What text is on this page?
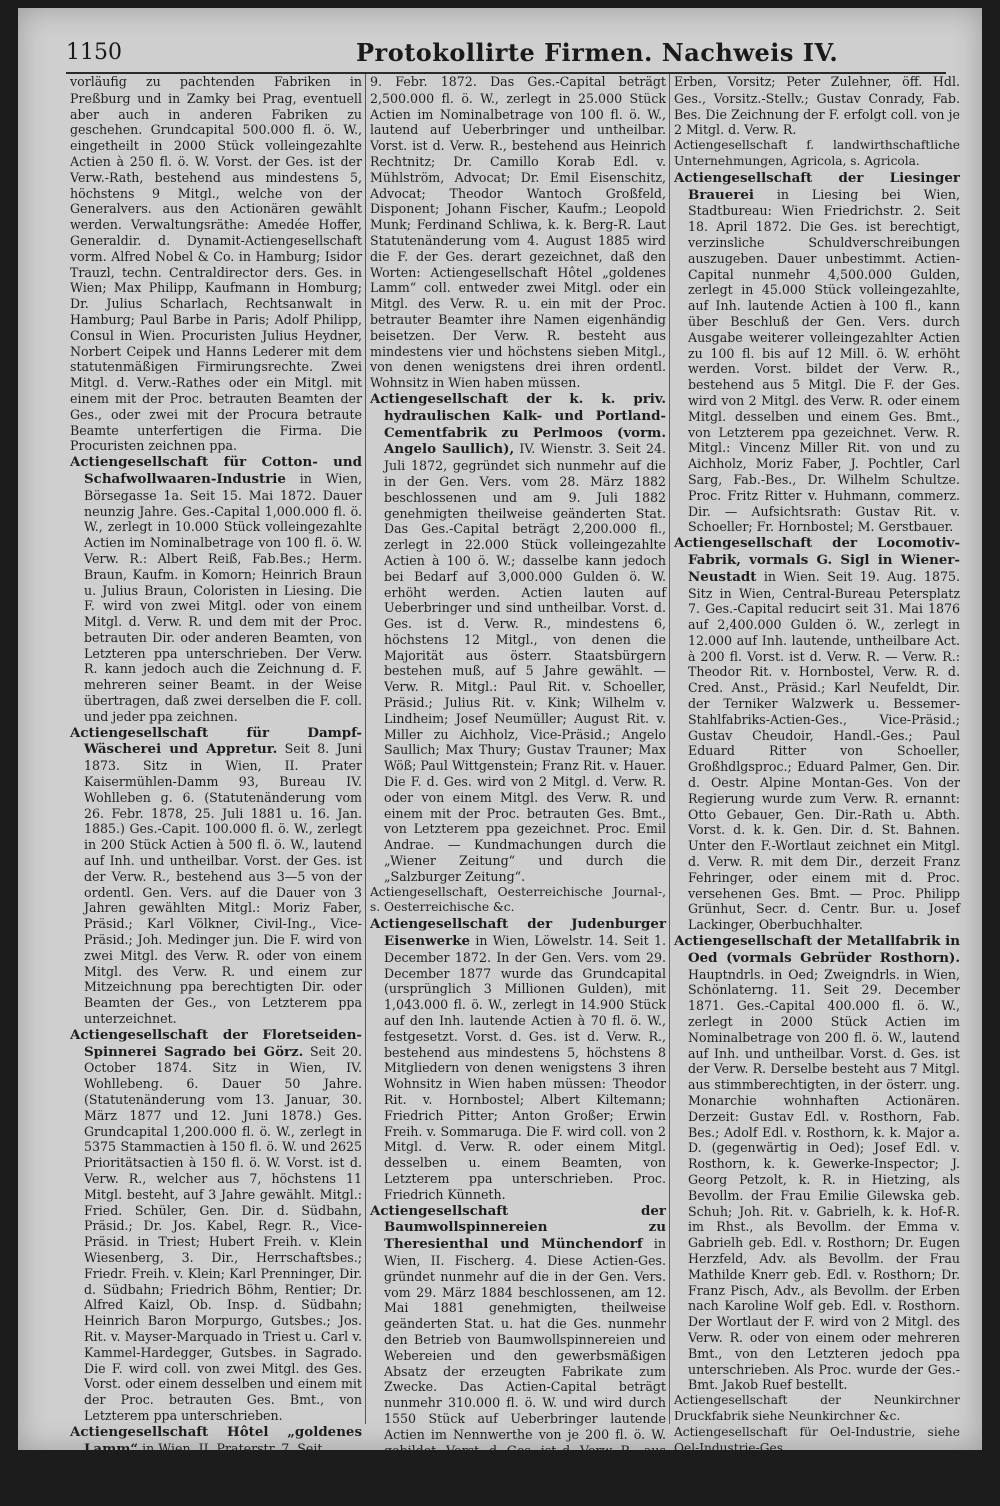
1150	Protokollirte Firmen. Nachweis IV.

vorläufig zu pachtenden Fabriken in Preßburg und in Zamky bei Prag, eventuell aber auch in anderen Fabriken zu geschehen. Grundcapital 500.000 fl. ö. W., eingetheilt in 2000 Stück volleingezahlte Actien à 250 fl. ö. W. Vorst. der Ges. ist der Verw.-Rath, bestehend aus mindestens 5, höchstens 9 Mitgl., welche von der Generalvers. aus den Actionären gewählt werden. Verwaltungsräthe: Amedée Hoffer, Generaldir. d. Dynamit-Actiengesellschaft vorm. Alfred Nobel & Co. in Hamburg; Isidor Trauzl, techn. Centraldirector ders. Ges. in Wien; Max Philipp, Kaufmann in Homburg; Dr. Julius Scharlach, Rechtsanwalt in Hamburg; Paul Barbe in Paris; Adolf Philipp, Consul in Wien. Procuristen Julius Heydner, Norbert Ceipek und Hanns Lederer mit dem statutenmäßigen Firmirungsrechte. Zwei Mitgl. d. Verw.-Rathes oder ein Mitgl. mit einem mit der Proc. betrauten Beamten der Ges., oder zwei mit der Procura betraute Beamte unterfertigen die Firma. Die Procuristen zeichnen ppa.

Actiengesellschaft für Cotton- und Schafwollwaaren-Industrie in Wien, Börsegasse 1a. Seit 15. Mai 1872. Dauer neunzig Jahre. Ges.-Capital 1,000.000 fl. ö. W., zerlegt in 10.000 Stück volleingezahlte Actien im Nominalbetrage von 100 fl. ö. W. Verw. R.: Albert Reiß, Fab.Bes.; Herm. Braun, Kaufm. in Komorn; Heinrich Braun u. Julius Braun, Coloristen in Liesing. Die F. wird von zwei Mitgl. oder von einem Mitgl. d. Verw. R. und dem mit der Proc. betrauten Dir. oder anderen Beamten, von Letzteren ppa unterschrieben. Der Verw. R. kann jedoch auch die Zeichnung d. F. mehreren seiner Beamt. in der Weise übertragen, daß zwei derselben die F. coll. und jeder ppa zeichnen.

Actiengesellschaft für Dampf-Wäscherei und Appretur. Seit 8. Juni 1873. Sitz in Wien, II. Prater Kaisermühlen-Damm 93, Bureau IV. Wohlleben g. 6. (Statutenänderung vom 26. Febr. 1878, 25. Juli 1881 u. 16. Jan. 1885.) Ges.-Capit. 100.000 fl. ö. W., zerlegt in 200 Stück Actien à 500 fl. ö. W., lautend auf Inh. und untheilbar. Vorst. der Ges. ist der Verw. R., bestehend aus 3—5 von der ordentl. Gen. Vers. auf die Dauer von 3 Jahren gewählten Mitgl.: Moriz Faber, Präsid.; Karl Völkner, Civil-Ing., Vice-Präsid.; Joh. Medinger jun. Die F. wird von zwei Mitgl. des Verw. R. oder von einem Mitgl. des Verw. R. und einem zur Mitzeichnung ppa berechtigten Dir. oder Beamten der Ges., von Letzterem ppa unterzeichnet.

Actiengesellschaft der Floretseiden-Spinnerei Sagrado bei Görz. Seit 20. October 1874. Sitz in Wien, IV. Wohllebeng. 6. Dauer 50 Jahre. (Statutenänderung vom 13. Januar, 30. März 1877 und 12. Juni 1878.) Ges. Grundcapital 1,200.000 fl. ö. W., zerlegt in 5375 Stammactien à 150 fl. ö. W. und 2625 Prioritätsactien à 150 fl. ö. W. Vorst. ist d. Verw. R., welcher aus 7, höchstens 11 Mitgl. besteht, auf 3 Jahre gewählt. Mitgl.: Fried. Schüler, Gen. Dir. d. Südbahn, Präsid.; Dr. Jos. Kabel, Regr. R., Vice-Präsid. in Triest; Hubert Freih. v. Klein Wiesenberg, 3. Dir., Herrschaftsbes.; Friedr. Freih. v. Klein; Karl Prenninger, Dir. d. Südbahn; Friedrich Böhm, Rentier; Dr. Alfred Kaizl, Ob. Insp. d. Südbahn; Heinrich Baron Morpurgo, Gutsbes.; Jos. Rit. v. Mayser-Marquado in Triest u. Carl v. Kammel-Hardegger, Gutsbes. in Sagrado. Die F. wird coll. von zwei Mitgl. des Ges. Vorst. oder einem desselben und einem mit der Proc. betrauten Ges. Bmt., von Letzterem ppa unterschrieben.

Actiengesellschaft Hôtel „goldenes Lamm“ in Wien, II. Praterstr. 7. Seit

9. Febr. 1872. Das Ges.-Capital beträgt 2,500.000 fl. ö. W., zerlegt in 25.000 Stück Actien im Nominalbetrage von 100 fl. ö. W., lautend auf Ueberbringer und untheilbar. Vorst. ist d. Verw. R., bestehend aus Heinrich Rechtnitz; Dr. Camillo Korab Edl. v. Mühlström, Advocat; Dr. Emil Eisenschitz, Advocat; Theodor Wantoch Großfeld, Disponent; Johann Fischer, Kaufm.; Leopold Munk; Ferdinand Schliwa, k. k. Berg-R. Laut Statutenänderung vom 4. August 1885 wird die F. der Ges. derart gezeichnet, daß den Worten: Actiengesellschaft Hôtel „goldenes Lamm“ coll. entweder zwei Mitgl. oder ein Mitgl. des Verw. R. u. ein mit der Proc. betrauter Beamter ihre Namen eigenhändig beisetzen. Der Verw. R. besteht aus mindestens vier und höchstens sieben Mitgl., von denen wenigstens drei ihren ordentl. Wohnsitz in Wien haben müssen.

Actiengesellschaft der k. k. priv. hydraulischen Kalk- und Portland-Cementfabrik zu Perlmoos (vorm. Angelo Saullich), IV. Wienstr. 3. Seit 24. Juli 1872, gegründet sich nunmehr auf die in der Gen. Vers. vom 28. März 1882 beschlossenen und am 9. Juli 1882 genehmigten theilweise geänderten Stat. Das Ges.-Capital beträgt 2,200.000 fl., zerlegt in 22.000 Stück volleingezahlte Actien à 100 ö. W.; dasselbe kann jedoch bei Bedarf auf 3,000.000 Gulden ö. W. erhöht werden. Actien lauten auf Ueberbringer und sind untheilbar. Vorst. d. Ges. ist d. Verw. R., mindestens 6, höchstens 12 Mitgl., von denen die Majorität aus österr. Staatsbürgern bestehen muß, auf 5 Jahre gewählt. — Verw. R. Mitgl.: Paul Rit. v. Schoeller, Präsid.; Julius Rit. v. Kink; Wilhelm v. Lindheim; Josef Neumüller; August Rit. v. Miller zu Aichholz, Vice-Präsid.; Angelo Saullich; Max Thury; Gustav Trauner; Max Wöß; Paul Wittgenstein; Franz Rit. v. Hauer. Die F. d. Ges. wird von 2 Mitgl. d. Verw. R. oder von einem Mitgl. des Verw. R. und einem mit der Proc. betrauten Ges. Bmt., von Letzterem ppa gezeichnet. Proc. Emil Andrae. — Kundmachungen durch die „Wiener Zeitung“ und durch die „Salzburger Zeitung“.

Actiengesellschaft, Oesterreichische Journal-, s. Oesterreichische &c.

Actiengesellschaft der Judenburger Eisenwerke in Wien, Löwelstr. 14. Seit 1. December 1872. In der Gen. Vers. vom 29. December 1877 wurde das Grundcapital (ursprünglich 3 Millionen Gulden), mit 1,043.000 fl. ö. W., zerlegt in 14.900 Stück auf den Inh. lautende Actien à 70 fl. ö. W., festgesetzt. Vorst. d. Ges. ist d. Verw. R., bestehend aus mindestens 5, höchstens 8 Mitgliedern von denen wenigstens 3 ihren Wohnsitz in Wien haben müssen: Theodor Rit. v. Hornbostel; Albert Kiltemann; Friedrich Pitter; Anton Großer; Erwin Freih. v. Sommaruga. Die F. wird coll. von 2 Mitgl. d. Verw. R. oder einem Mitgl. desselben u. einem Beamten, von Letzterem ppa unterschrieben. Proc. Friedrich Künneth.

Actiengesellschaft der Baumwollspinnereien zu Theresienthal und Münchendorf in Wien, II. Fischerg. 4. Diese Actien-Ges. gründet nunmehr auf die in der Gen. Vers. vom 29. März 1884 beschlossenen, am 12. Mai 1881 genehmigten, theilweise geänderten Stat. u. hat die Ges. nunmehr den Betrieb von Baumwollspinnereien und Webereien und den gewerbsmäßigen Absatz der erzeugten Fabrikate zum Zwecke. Das Actien-Capital beträgt nunmehr 310.000 fl. ö. W. und wird durch 1550 Stück auf Ueberbringer lautende Actien im Nennwerthe von je 200 fl. ö. W. gebildet. Vorst. d. Ges. ist d. Verw. R., aus mindestens 3, höchstens 5 Mitgl. bestehend. Verw. R.: Adolf Singer, öff. Ges. d. F. Samuel Singer's

Erben, Vorsitz; Peter Zulehner, öff. Hdl. Ges., Vorsitz.-Stellv.; Gustav Conrady, Fab. Bes. Die Zeichnung der F. erfolgt coll. von je 2 Mitgl. d. Verw. R.

Actiengesellschaft f. landwirthschaftliche Unternehmungen, Agricola, s. Agricola.

Actiengesellschaft der Liesinger Brauerei in Liesing bei Wien, Stadtbureau: Wien Friedrichstr. 2. Seit 18. April 1872. Die Ges. ist berechtigt, verzinsliche Schuldverschreibungen auszugeben. Dauer unbestimmt. Actien-Capital nunmehr 4,500.000 Gulden, zerlegt in 45.000 Stück volleingezahlte, auf Inh. lautende Actien à 100 fl., kann über Beschluß der Gen. Vers. durch Ausgabe weiterer volleingezahlter Actien zu 100 fl. bis auf 12 Mill. ö. W. erhöht werden. Vorst. bildet der Verw. R., bestehend aus 5 Mitgl. Die F. der Ges. wird von 2 Mitgl. des Verw. R. oder einem Mitgl. desselben und einem Ges. Bmt., von Letzterem ppa gezeichnet. Verw. R. Mitgl.: Vincenz Miller Rit. von und zu Aichholz, Moriz Faber, J. Pochtler, Carl Sarg, Fab.-Bes., Dr. Wilhelm Schultze. Proc. Fritz Ritter v. Huhmann, commerz. Dir. — Aufsichtsrath: Gustav Rit. v. Schoeller; Fr. Hornbostel; M. Gerstbauer.

Actiengesellschaft der Locomotiv-Fabrik, vormals G. Sigl in Wiener-Neustadt in Wien. Seit 19. Aug. 1875. Sitz in Wien, Central-Bureau Petersplatz 7. Ges.-Capital reducirt seit 31. Mai 1876 auf 2,400.000 Gulden ö. W., zerlegt in 12.000 auf Inh. lautende, untheilbare Act. à 200 fl. Vorst. ist d. Verw. R. — Verw. R.: Theodor Rit. v. Hornbostel, Verw. R. d. Cred. Anst., Präsid.; Karl Neufeldt, Dir. der Terniker Walzwerk u. Bessemer-Stahlfabriks-Actien-Ges., Vice-Präsid.; Gustav Cheudoir, Handl.-Ges.; Paul Eduard Ritter von Schoeller, Großhdlgsproc.; Eduard Palmer, Gen. Dir. d. Oestr. Alpine Montan-Ges. Von der Regierung wurde zum Verw. R. ernannt: Otto Gebauer, Gen. Dir.-Rath u. Abth. Vorst. d. k. k. Gen. Dir. d. St. Bahnen. Unter den F.-Wortlaut zeichnet ein Mitgl. d. Verw. R. mit dem Dir., derzeit Franz Fehringer, oder einem mit d. Proc. versehenen Ges. Bmt. — Proc. Philipp Grünhut, Secr. d. Centr. Bur. u. Josef Lackinger, Oberbuchhalter.

Actiengesellschaft der Metallfabrik in Oed (vormals Gebrüder Rosthorn). Hauptndrls. in Oed; Zweigndrls. in Wien, Schönlaterng. 11. Seit 29. December 1871. Ges.-Capital 400.000 fl. ö. W., zerlegt in 2000 Stück Actien im Nominalbetrage von 200 fl. ö. W., lautend auf Inh. und untheilbar. Vorst. d. Ges. ist der Verw. R. Derselbe besteht aus 7 Mitgl. aus stimmberechtigten, in der österr. ung. Monarchie wohnhaften Actionären. Derzeit: Gustav Edl. v. Rosthorn, Fab. Bes.; Adolf Edl. v. Rosthorn, k. k. Major a. D. (gegenwärtig in Oed); Josef Edl. v. Rosthorn, k. k. Gewerke-Inspector; J. Georg Petzolt, k. R. in Hietzing, als Bevollm. der Frau Emilie Gilewska geb. Schuh; Joh. Rit. v. Gabrielh, k. k. Hof-R. im Rhst., als Bevollm. der Emma v. Gabrielh geb. Edl. v. Rosthorn; Dr. Eugen Herzfeld, Adv. als Bevollm. der Frau Mathilde Knerr geb. Edl. v. Rosthorn; Dr. Franz Pisch, Adv., als Bevollm. der Erben nach Karoline Wolf geb. Edl. v. Rosthorn. Der Wortlaut der F. wird von 2 Mitgl. des Verw. R. oder von einem oder mehreren Bmt., von den Letzteren jedoch ppa unterschrieben. Als Proc. wurde der Ges.-Bmt. Jakob Ruef bestellt.

Actiengesellschaft der Neunkirchner Druckfabrik siehe Neunkirchner &c.

Actiengesellschaft für Oel-Industrie, siehe Oel-Industrie-Ges.
